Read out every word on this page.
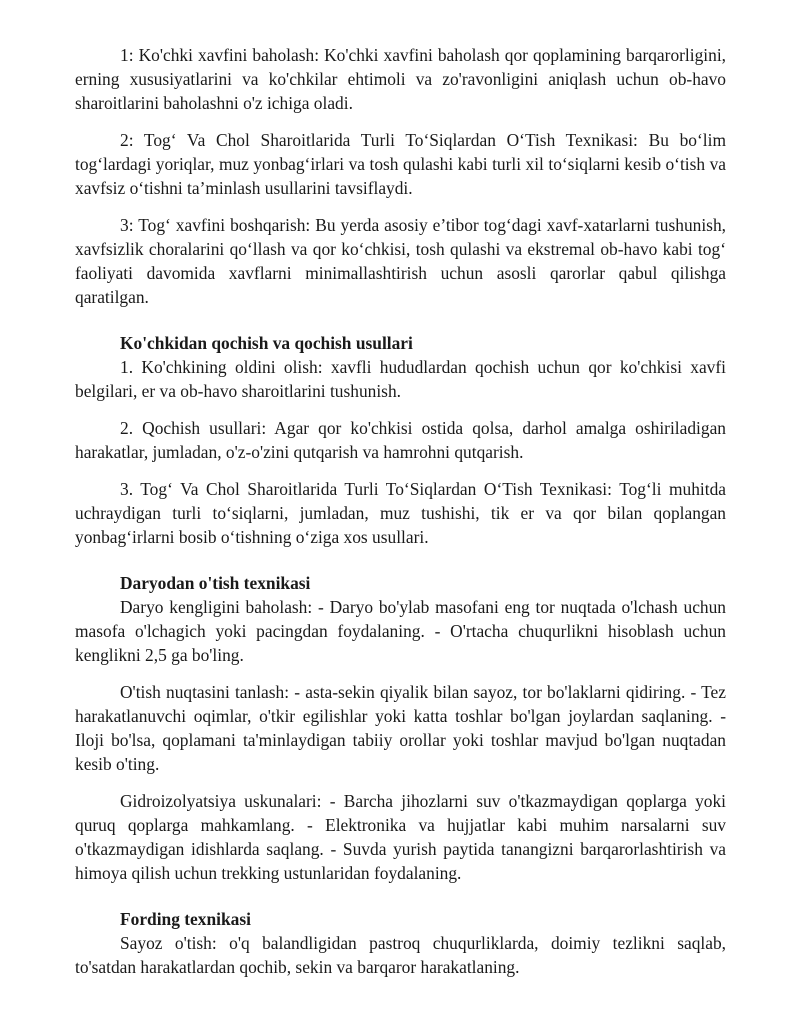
1: Ko'chki xavfini baholash: Ko'chki xavfini baholash qor qoplamining barqarorligini, erning xususiyatlarini va ko'chkilar ehtimoli va zo'ravonligini aniqlash uchun ob-havo sharoitlarini baholashni o'z ichiga oladi.

2: Tog‘ Va Chol Sharoitlarida Turli To‘Siqlardan O‘Tish Texnikasi: Bu bo‘lim tog‘lardagi yoriqlar, muz yonbag‘irlari va tosh qulashi kabi turli xil to‘siqlarni kesib o‘tish va xavfsiz o‘tishni ta’minlash usullarini tavsiflaydi.

3: Tog‘ xavfini boshqarish: Bu yerda asosiy e’tibor tog‘dagi xavf-xatarlarni tushunish, xavfsizlik choralarini qo‘llash va qor ko‘chkisi, tosh qulashi va ekstremal ob-havo kabi tog‘ faoliyati davomida xavflarni minimallashtirish uchun asosli qarorlar qabul qilishga qaratilgan.

Ko'chkidan qochish va qochish usullari

1. Ko'chkining oldini olish: xavfli hududlardan qochish uchun qor ko'chkisi xavfi belgilari, er va ob-havo sharoitlarini tushunish.

2. Qochish usullari: Agar qor ko'chkisi ostida qolsa, darhol amalga oshiriladigan harakatlar, jumladan, o'z-o'zini qutqarish va hamrohni qutqarish.

3. Tog‘ Va Chol Sharoitlarida Turli To‘Siqlardan O‘Tish Texnikasi: Tog‘li muhitda uchraydigan turli to‘siqlarni, jumladan, muz tushishi, tik er va qor bilan qoplangan yonbag‘irlarni bosib o‘tishning o‘ziga xos usullari.

Daryodan o'tish texnikasi

Daryo kengligini baholash: - Daryo bo'ylab masofani eng tor nuqtada o'lchash uchun masofa o'lchagich yoki pacingdan foydalaning. - O'rtacha chuqurlikni hisoblash uchun kenglikni 2,5 ga bo'ling.

O'tish nuqtasini tanlash: - asta-sekin qiyalik bilan sayoz, tor bo'laklarni qidiring. - Tez harakatlanuvchi oqimlar, o'tkir egilishlar yoki katta toshlar bo'lgan joylardan saqlaning. - Iloji bo'lsa, qoplamani ta'minlaydigan tabiiy orollar yoki toshlar mavjud bo'lgan nuqtadan kesib o'ting.

Gidroizolyatsiya uskunalari: - Barcha jihozlarni suv o'tkazmaydigan qoplarga yoki quruq qoplarga mahkamlang. - Elektronika va hujjatlar kabi muhim narsalarni suv o'tkazmaydigan idishlarda saqlang. - Suvda yurish paytida tanangizni barqarorlashtirish va himoya qilish uchun trekking ustunlaridan foydalaning.

Fording texnikasi

Sayoz o'tish: o'q balandligidan pastroq chuqurliklarda, doimiy tezlikni saqlab, to'satdan harakatlardan qochib, sekin va barqaror harakatlaning.
